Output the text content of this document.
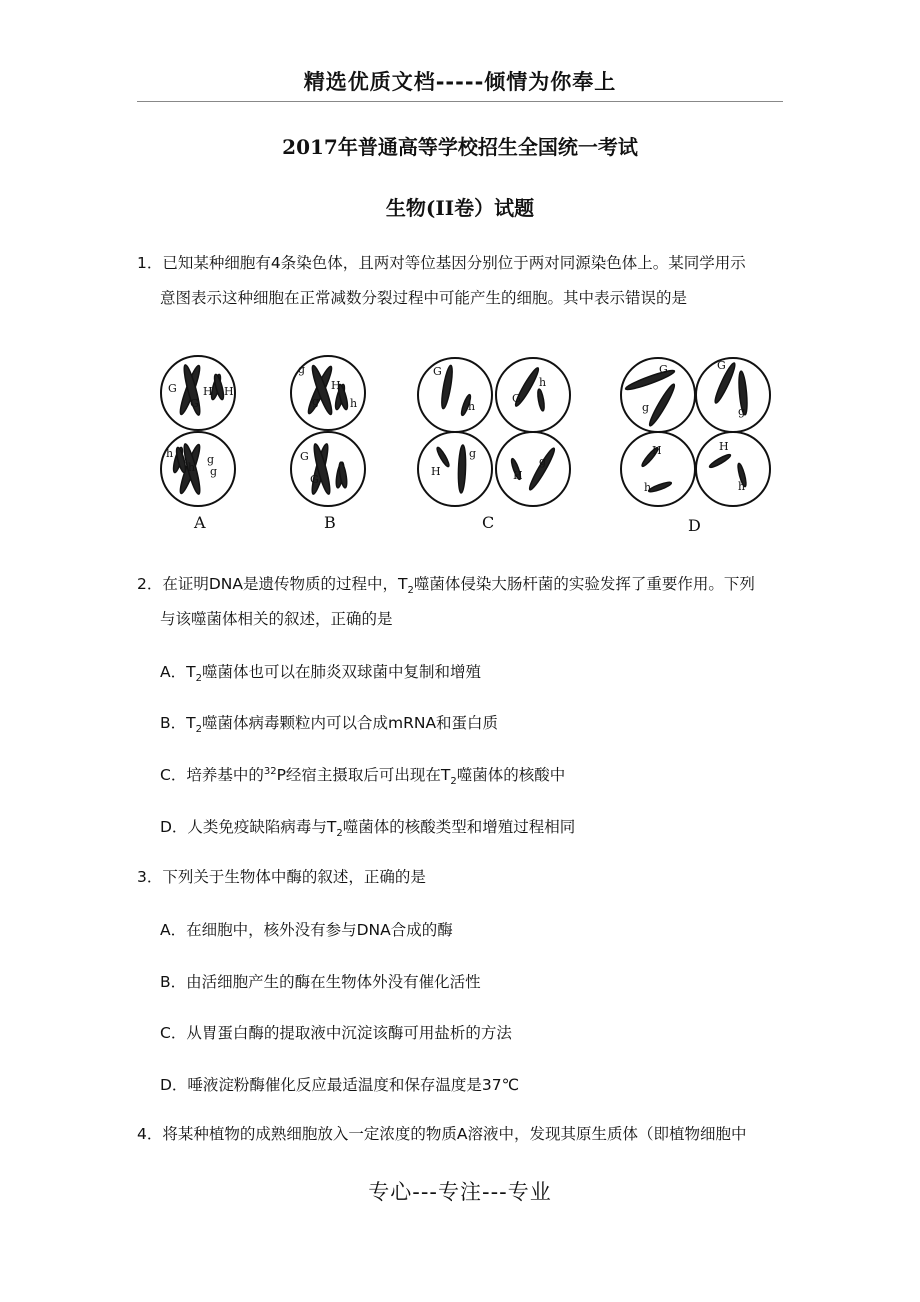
精选优质文档-----倾情为你奉上
2017年普通高等学校招生全国统一考试
生物(II卷）试题
1．已知某种细胞有4条染色体，且两对等位基因分别位于两对同源染色体上。某同学用示
意图表示这种细胞在正常减数分裂过程中可能产生的细胞。其中表示错误的是
G
G
H H
h
h
g
g
g
g
H
h
G
G
G
h
G
h
H
g
H
g
G
g
G
g
H
h
H
h
A	B	C	D
2．在证明DNA是遗传物质的过程中，$T_2$噬菌体侵染大肠杆菌的实验发挥了重要作用。下列
与该噬菌体相关的叙述，正确的是
A．$T_2$噬菌体也可以在肺炎双球菌中复制和增殖
B．$T_2$噬菌体病毒颗粒内可以合成mRNA和蛋白质
C．培养基中的$^{32}$P经宿主摄取后可出现在$T_2$噬菌体的核酸中
D．人类免疫缺陷病毒与$T_2$噬菌体的核酸类型和增殖过程相同
3．下列关于生物体中酶的叙述，正确的是
A．在细胞中，核外没有参与DNA合成的酶
B．由活细胞产生的酶在生物体外没有催化活性
C．从胃蛋白酶的提取液中沉淀该酶可用盐析的方法
D．唾液淀粉酶催化反应最适温度和保存温度是37℃
4．将某种植物的成熟细胞放入一定浓度的物质A溶液中，发现其原生质体（即植物细胞中
专心---专注---专业
